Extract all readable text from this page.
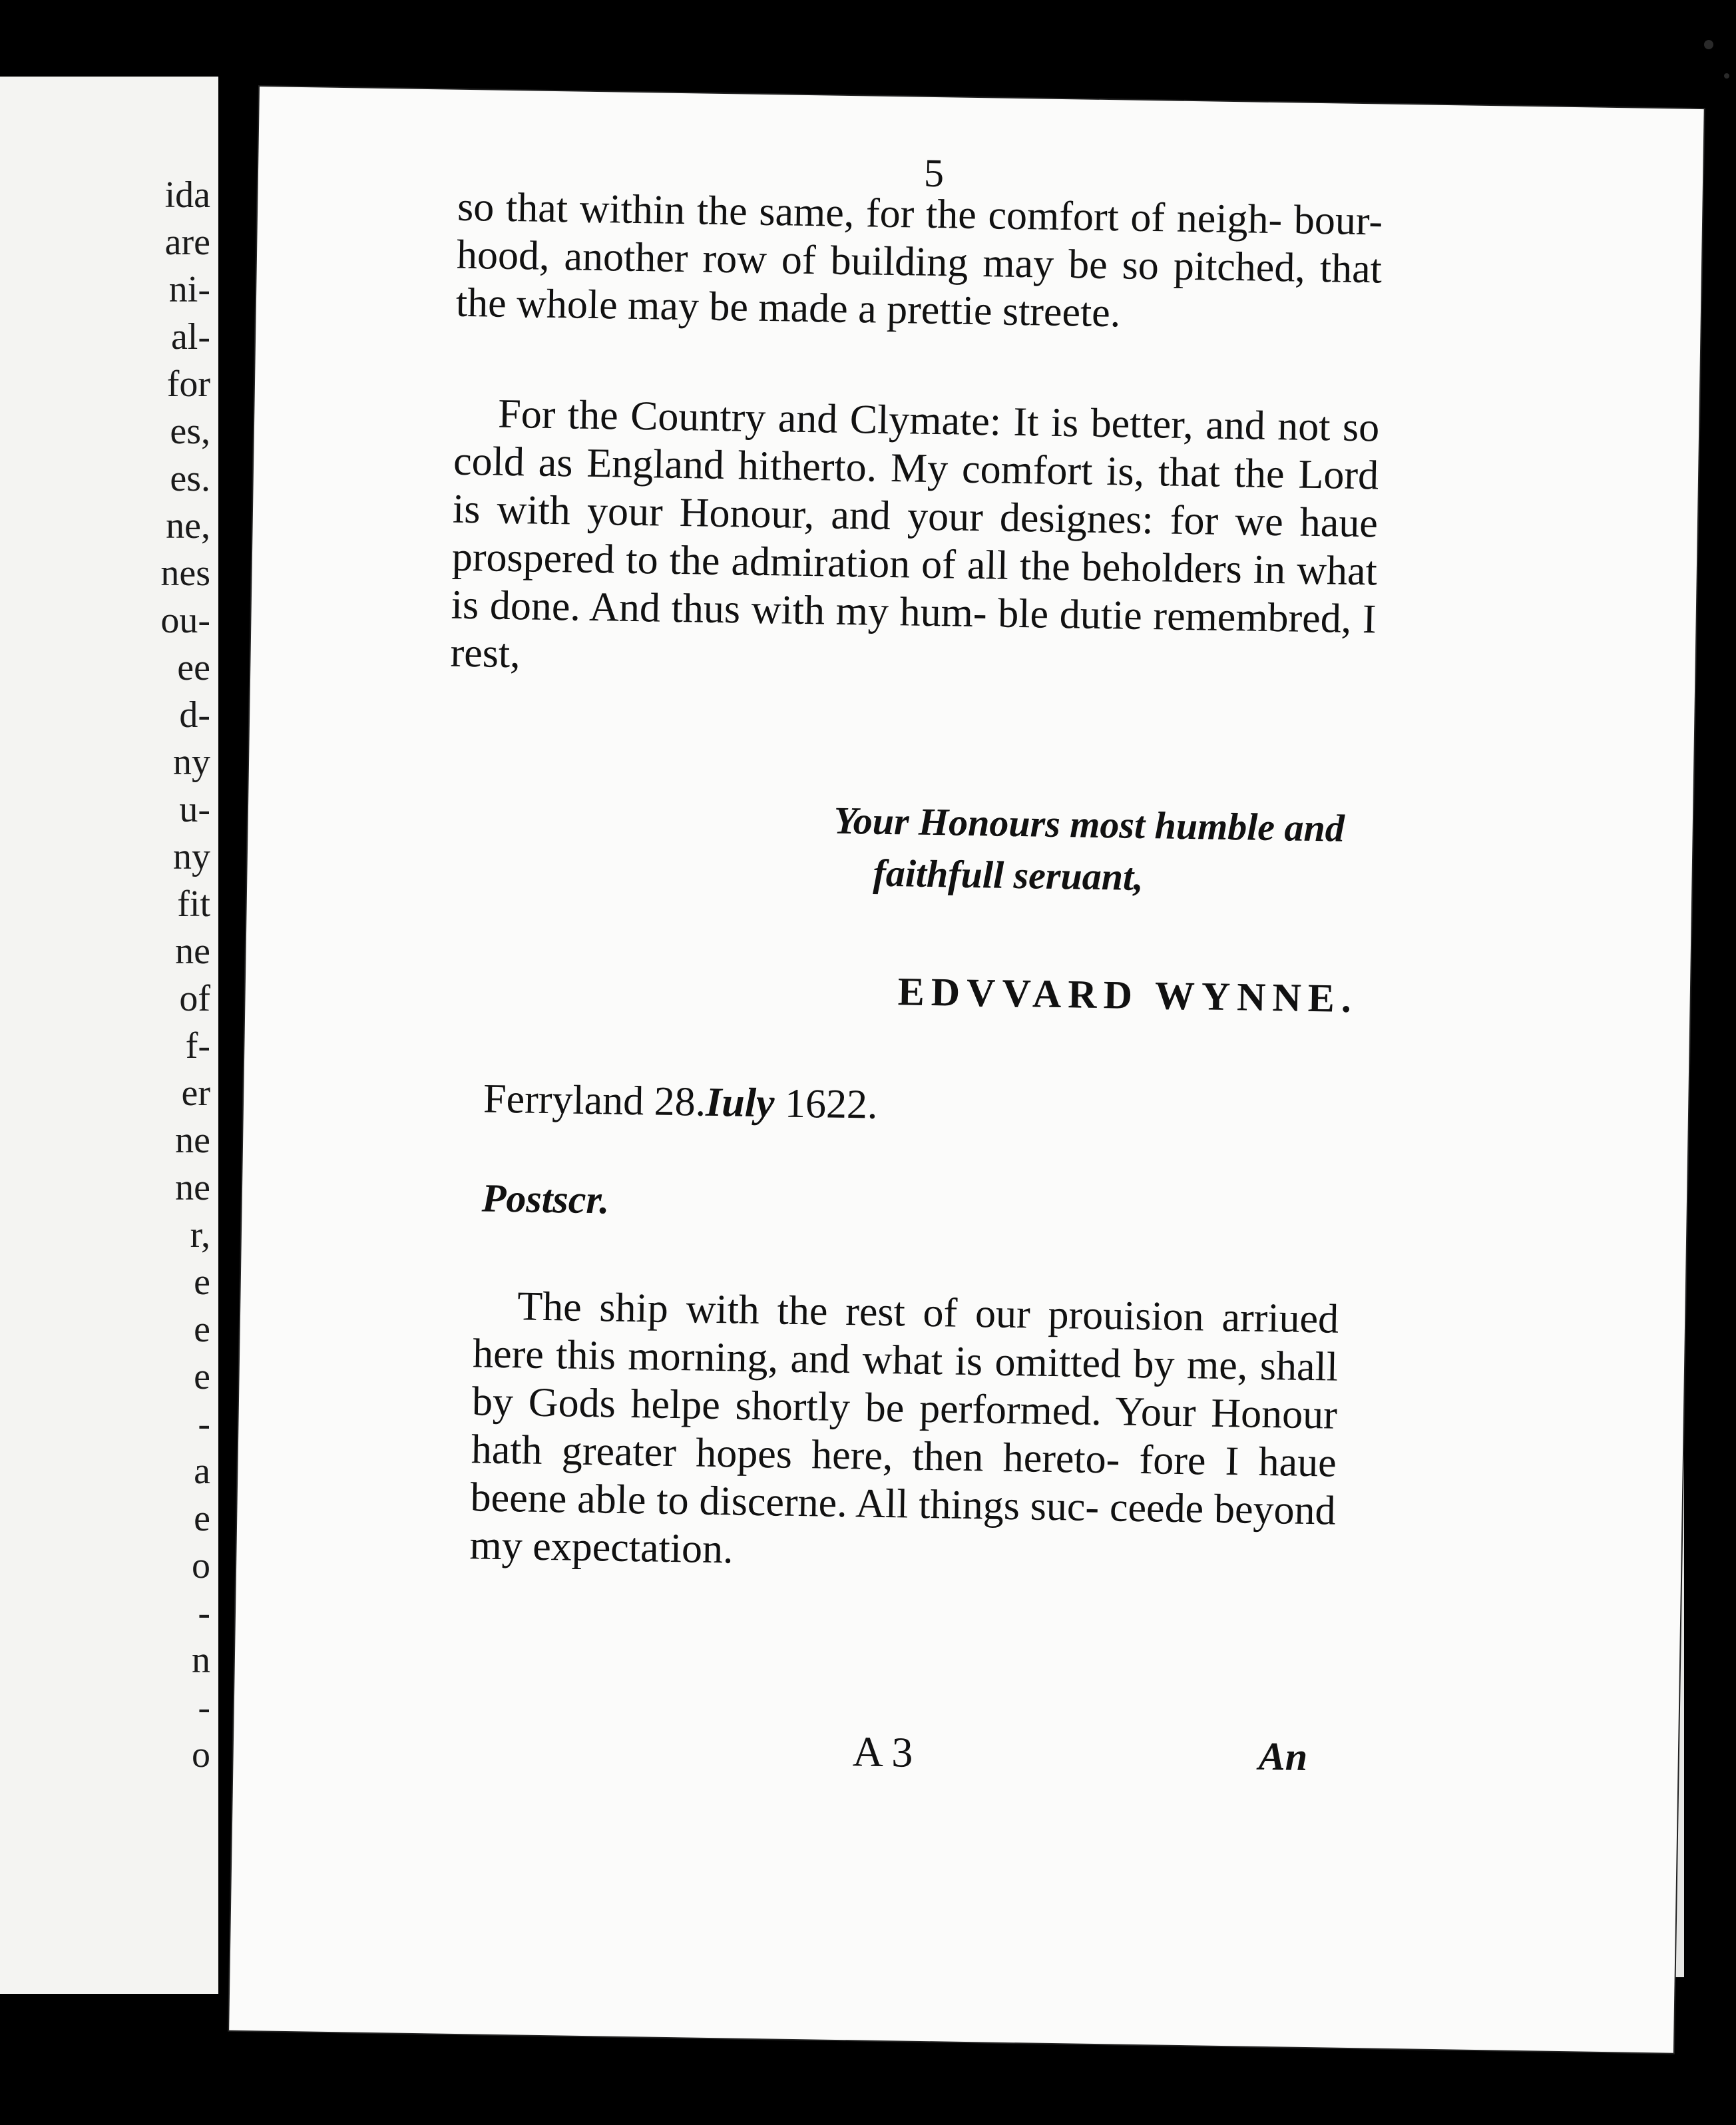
ida
are
ni-
al-
for
es,
es.
ne,
nes
ou-
ee
d-
ny
u-
ny
fit
ne
of
f-
er
ne
ne
r,
e
e
e
-
a
e
o
-
n
-
o
5

so that within the same, for the comfort of neigh- bour-hood, another row of building may be so pitched, that the whole may be made a prettie streete.

For the Country and Clymate: It is better, and not so cold as England hitherto. My comfort is, that the Lord is with your Honour, and your designes: for we haue prospered to the admiration of all the beholders in what is done. And thus with my hum- ble dutie remembred, I rest,

Your Honours most humble and
faithfull seruant,
EDVVARD WYNNE.
Ferryland 28.Iuly 1622.
Postscr.

The ship with the rest of our prouision arriued here this morning, and what is omitted by me, shall by Gods helpe shortly be performed. Your Honour hath greater hopes here, then hereto- fore I haue beene able to discerne. All things suc- ceede beyond my expectation.

A 3	An
